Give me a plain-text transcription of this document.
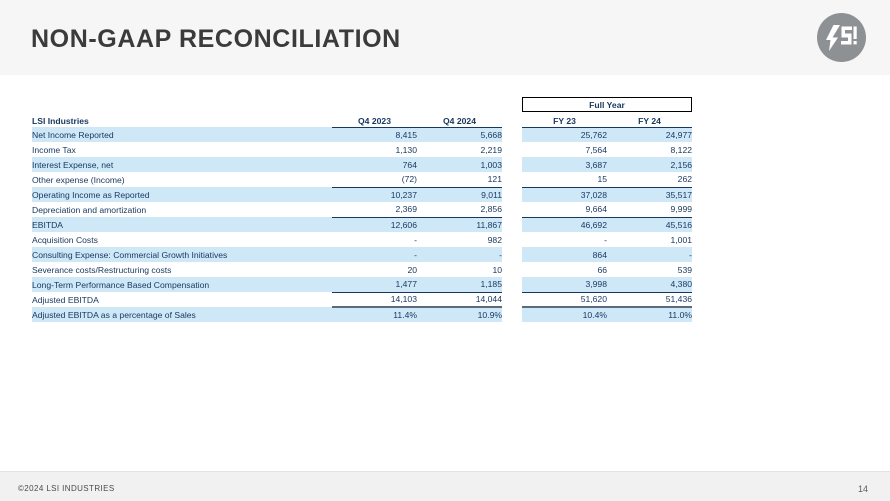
NON-GAAP RECONCILIATION

				Full Year	

LSI Industries	Q4 2023	Q4 2024		FY 23	FY 24
Net Income Reported	8,415	5,668		25,762	24,977
Income Tax	1,130	2,219		7,564	8,122
Interest Expense, net	764	1,003		3,687	2,156
Other expense (Income)	(72)	121		15	262
Operating Income as Reported	10,237	9,011		37,028	35,517
Depreciation and amortization	2,369	2,856		9,664	9,999
EBITDA	12,606	11,867		46,692	45,516
Acquisition Costs	-	982		-	1,001
Consulting Expense: Commercial Growth Initiatives	-	-		864	-
Severance costs/Restructuring costs	20	10		66	539
Long-Term Performance Based Compensation	1,477	1,185		3,998	4,380
Adjusted EBITDA	14,103	14,044		51,620	51,436
Adjusted EBITDA as a percentage of Sales	11.4%	10.9%		10.4%	11.0%
©2024 LSI INDUSTRIES	14
